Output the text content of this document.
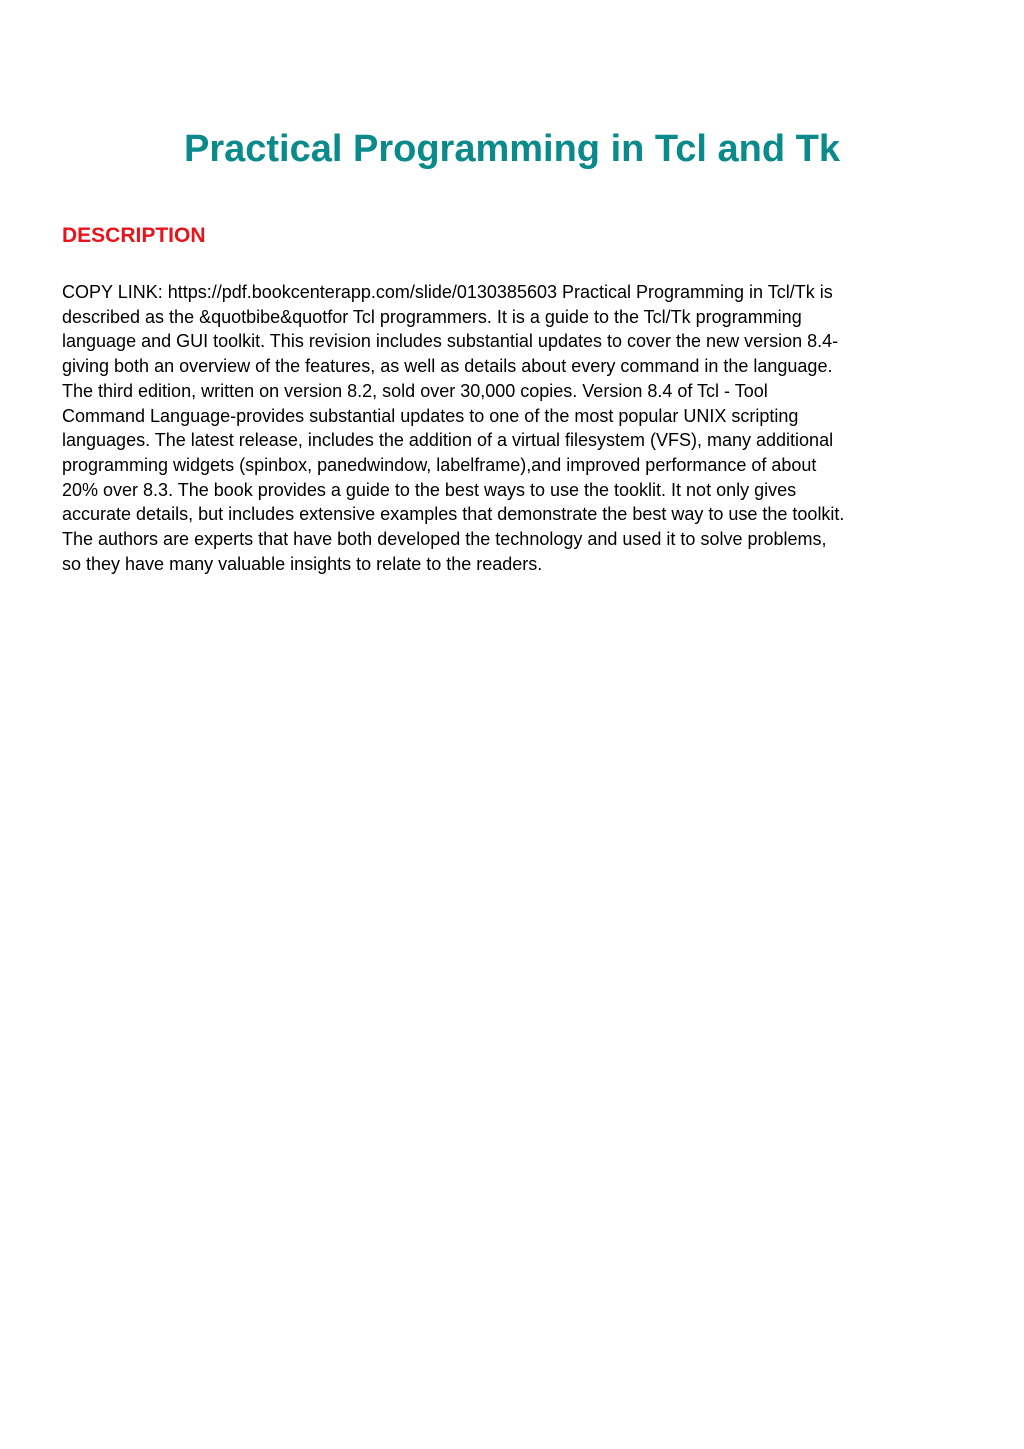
Practical Programming in Tcl and Tk
DESCRIPTION

COPY LINK: https://pdf.bookcenterapp.com/slide/0130385603 Practical Programming in Tcl/Tk is
described as the &quotbibe&quotfor Tcl programmers. It is a guide to the Tcl/Tk programming
language and GUI toolkit. This revision includes substantial updates to cover the new version 8.4-
giving both an overview of the features, as well as details about every command in the language.
The third edition, written on version 8.2, sold over 30,000 copies. Version 8.4 of Tcl - Tool
Command Language-provides substantial updates to one of the most popular UNIX scripting
languages. The latest release, includes the addition of a virtual filesystem (VFS), many additional
programming widgets (spinbox, panedwindow, labelframe),and improved performance of about
20% over 8.3. The book provides a guide to the best ways to use the tooklit. It not only gives
accurate details, but includes extensive examples that demonstrate the best way to use the toolkit.
The authors are experts that have both developed the technology and used it to solve problems,
so they have many valuable insights to relate to the readers.
